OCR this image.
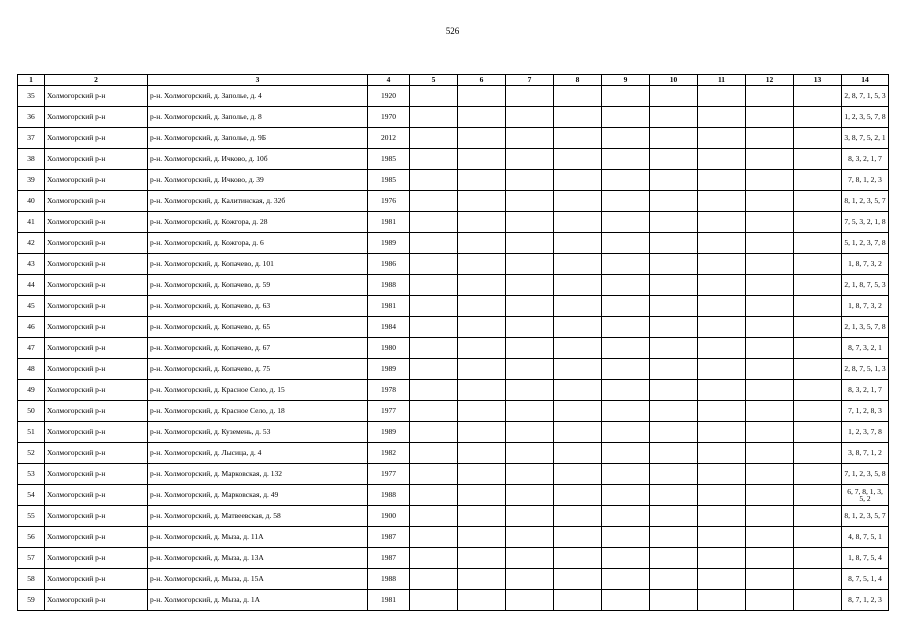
526
1	2	3	4	5	6	7	8	9	10	11	12	13	14
35	Холмогорский р-н	р-н. Холмогорский, д. Заполье, д. 4	1920										2, 8, 7, 1, 5, 3
36	Холмогорский р-н	р-н. Холмогорский, д. Заполье, д. 8	1970										1, 2, 3, 5, 7, 8
37	Холмогорский р-н	р-н. Холмогорский, д. Заполье, д. 9Б	2012										3, 8, 7, 5, 2, 1
38	Холмогорский р-н	р-н. Холмогорский, д. Ичково, д. 10б	1985										8, 3, 2, 1, 7
39	Холмогорский р-н	р-н. Холмогорский, д. Ичково, д. 39	1985										7, 8, 1, 2, 3
40	Холмогорский р-н	р-н. Холмогорский, д. Калитинская, д. 32б	1976										8, 1, 2, 3, 5, 7
41	Холмогорский р-н	р-н. Холмогорский, д. Кожгора, д. 28	1981										7, 5, 3, 2, 1, 8
42	Холмогорский р-н	р-н. Холмогорский, д. Кожгора, д. 6	1989										5, 1, 2, 3, 7, 8
43	Холмогорский р-н	р-н. Холмогорский, д. Копачево, д. 101	1986										1, 8, 7, 3, 2
44	Холмогорский р-н	р-н. Холмогорский, д. Копачево, д. 59	1988										2, 1, 8, 7, 5, 3
45	Холмогорский р-н	р-н. Холмогорский, д. Копачево, д. 63	1981										1, 8, 7, 3, 2
46	Холмогорский р-н	р-н. Холмогорский, д. Копачево, д. 65	1984										2, 1, 3, 5, 7, 8
47	Холмогорский р-н	р-н. Холмогорский, д. Копачево, д. 67	1980										8, 7, 3, 2, 1
48	Холмогорский р-н	р-н. Холмогорский, д. Копачево, д. 75	1989										2, 8, 7, 5, 1, 3
49	Холмогорский р-н	р-н. Холмогорский, д. Красное Село, д. 15	1978										8, 3, 2, 1, 7
50	Холмогорский р-н	р-н. Холмогорский, д. Красное Село, д. 18	1977										7, 1, 2, 8, 3
51	Холмогорский р-н	р-н. Холмогорский, д. Куземень, д. 53	1989										1, 2, 3, 7, 8
52	Холмогорский р-н	р-н. Холмогорский, д. Лысица, д. 4	1982										3, 8, 7, 1, 2
53	Холмогорский р-н	р-н. Холмогорский, д. Марковская, д. 132	1977										7, 1, 2, 3, 5, 8
54	Холмогорский р-н	р-н. Холмогорский, д. Марковская, д. 49	1988										6, 7, 8, 1, 3, 5, 2
55	Холмогорский р-н	р-н. Холмогорский, д. Матвеевская, д. 58	1900										8, 1, 2, 3, 5, 7
56	Холмогорский р-н	р-н. Холмогорский, д. Мыза, д. 11А	1987										4, 8, 7, 5, 1
57	Холмогорский р-н	р-н. Холмогорский, д. Мыза, д. 13А	1987										1, 8, 7, 5, 4
58	Холмогорский р-н	р-н. Холмогорский, д. Мыза, д. 15А	1988										8, 7, 5, 1, 4
59	Холмогорский р-н	р-н. Холмогорский, д. Мыза, д. 1А	1981										8, 7, 1, 2, 3
